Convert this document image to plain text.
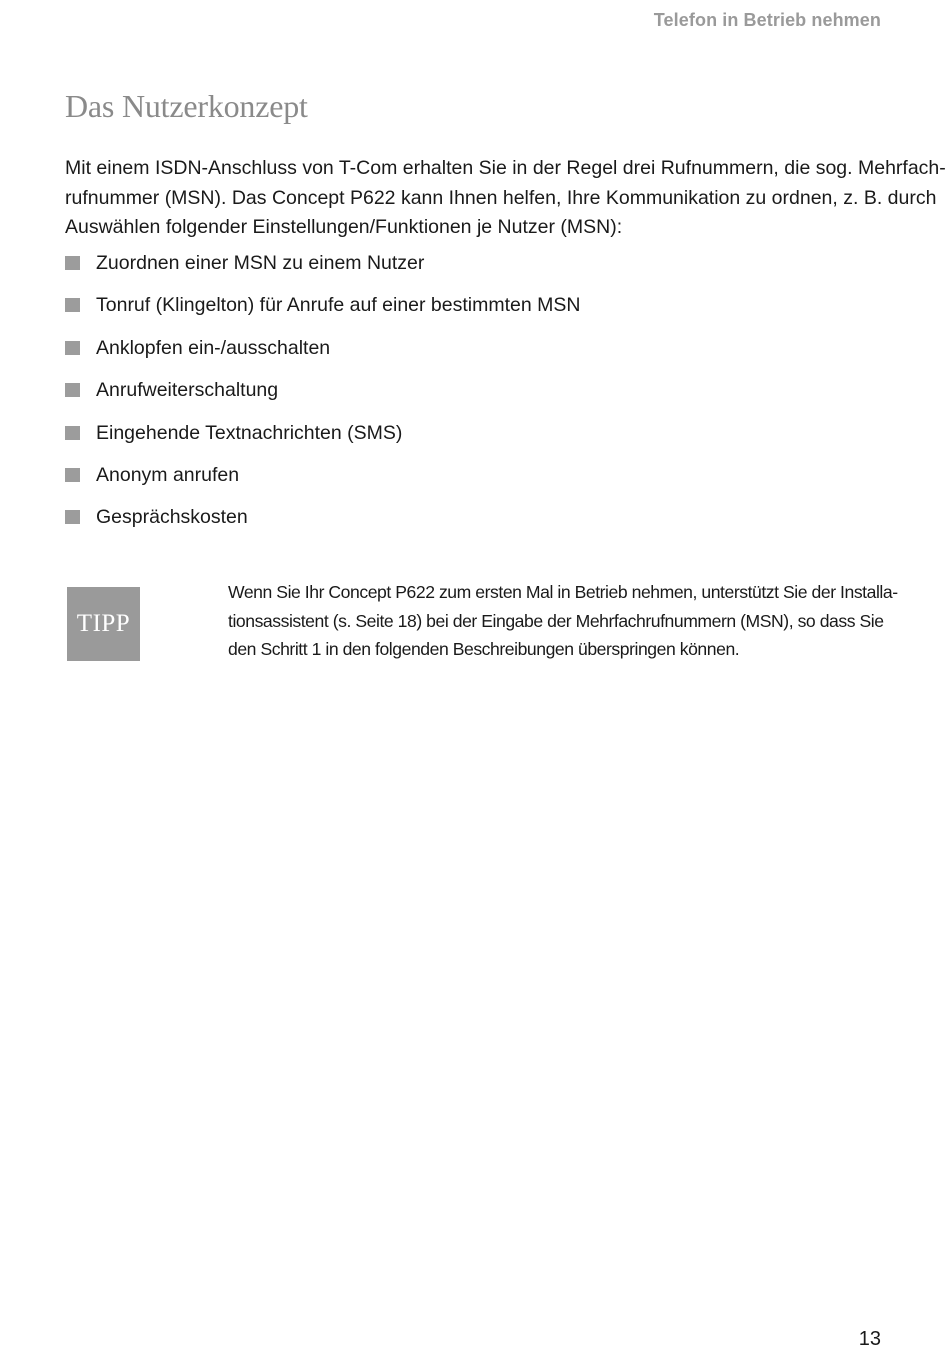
Telefon in Betrieb nehmen
Das Nutzerkonzept
Mit einem ISDN-Anschluss von T-Com erhalten Sie in der Regel drei Rufnummern, die sog. Mehrfach-
rufnummer (MSN). Das Concept P622 kann Ihnen helfen, Ihre Kommunikation zu ordnen, z. B. durch
Auswählen folgender Einstellungen/Funktionen je Nutzer (MSN):
Zuordnen einer MSN zu einem Nutzer
Tonruf (Klingelton) für Anrufe auf einer bestimmten MSN
Anklopfen ein-/ausschalten
Anrufweiterschaltung
Eingehende Textnachrichten (SMS)
Anonym anrufen
Gesprächskosten
TIPP
Wenn Sie Ihr Concept P622 zum ersten Mal in Betrieb nehmen, unterstützt Sie der Installa-
tionsassistent (s. Seite 18) bei der Eingabe der Mehrfachrufnummern (MSN), so dass Sie
den Schritt 1 in den folgenden Beschreibungen überspringen können.
13
